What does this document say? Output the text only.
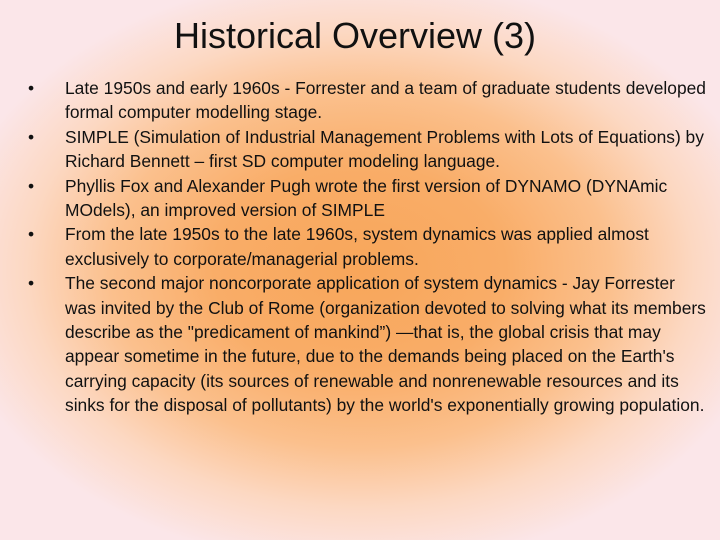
Historical Overview (3)
•	Late 1950s and early 1960s - Forrester and a team of graduate students developed formal computer modelling stage.
•	SIMPLE (Simulation of Industrial Management Problems with Lots of Equations) by Richard Bennett – first SD computer modeling language.
•	Phyllis Fox and Alexander Pugh wrote the first version of DYNAMO (DYNAmic MOdels), an improved version of SIMPLE
•	From the late 1950s to the late 1960s, system dynamics was applied almost exclusively to corporate/managerial problems.
•	The second major noncorporate application of system dynamics - Jay Forrester was invited by the Club of Rome (organization devoted to solving what its members describe as the "predicament of mankind”) —that is, the global crisis that may appear sometime in the future, due to the demands being placed on the Earth's carrying capacity (its sources of renewable and nonrenewable resources and its sinks for the disposal of pollutants) by the world's exponentially growing population.
